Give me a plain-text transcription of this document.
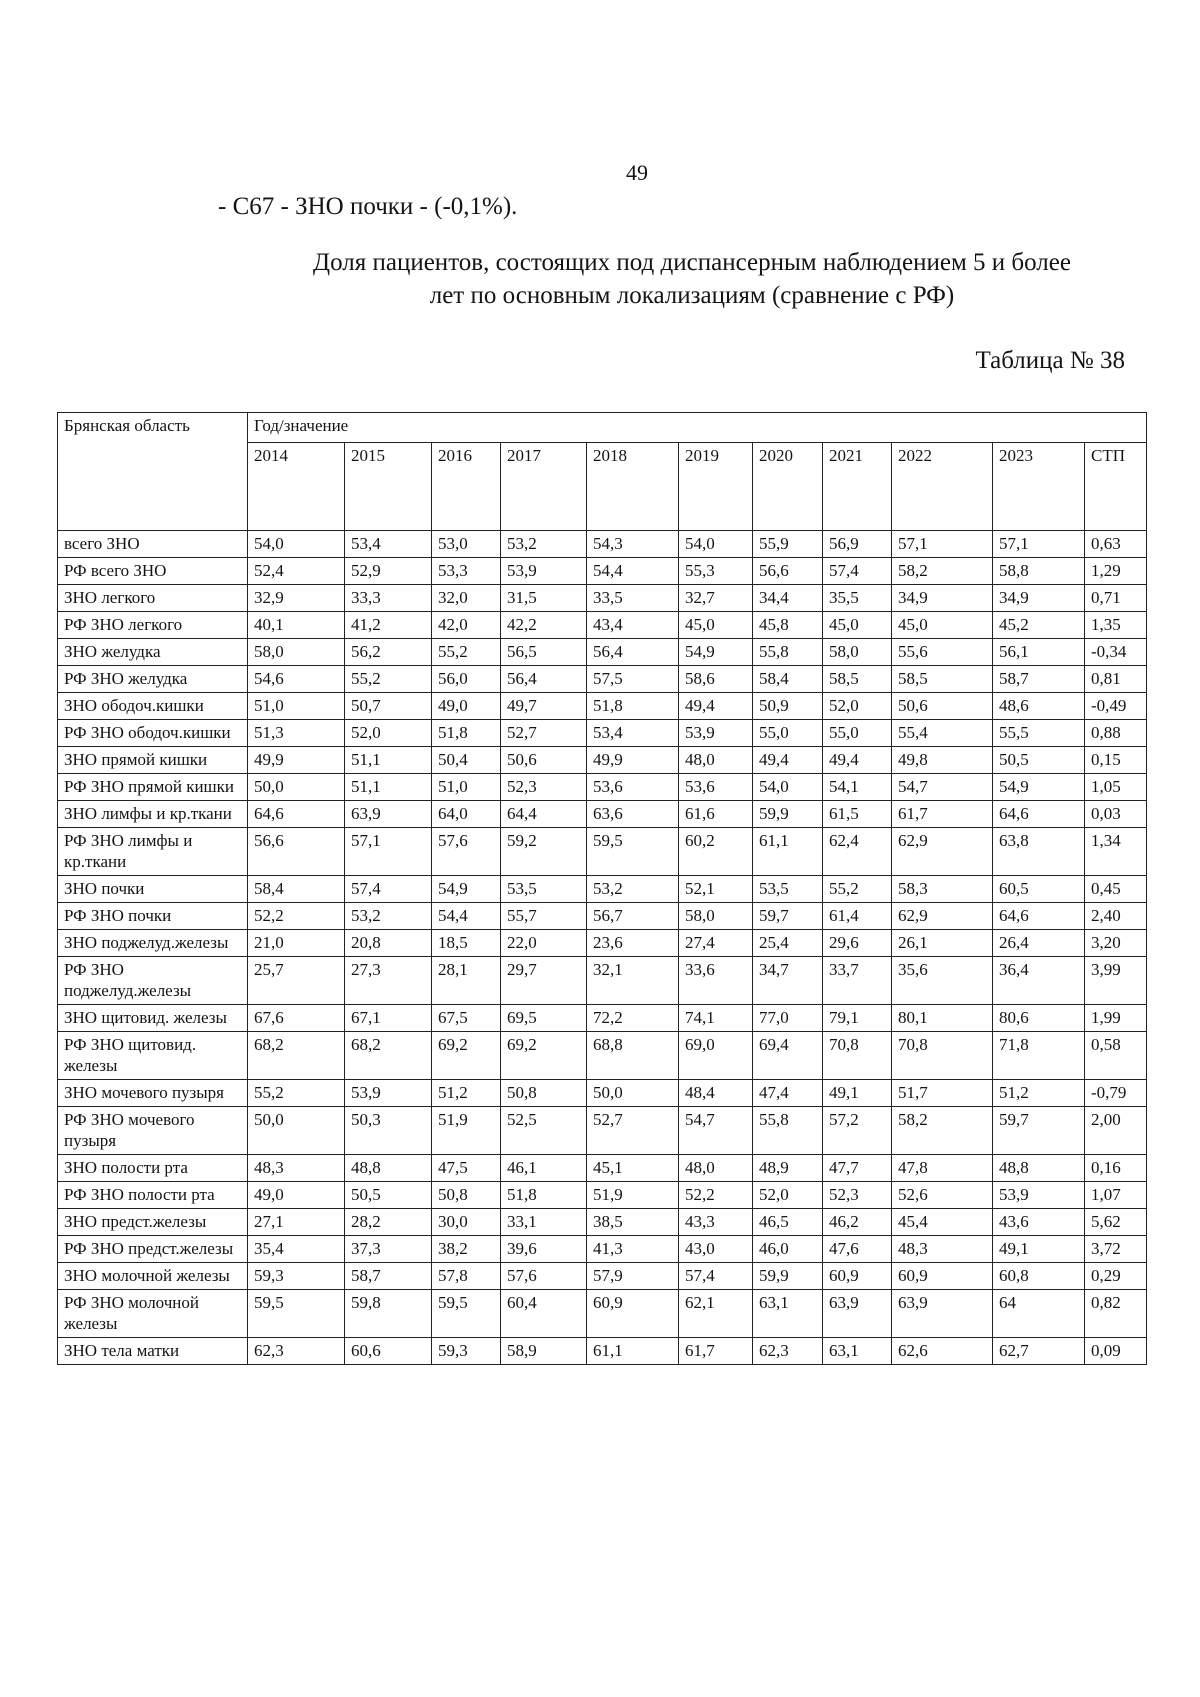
49
- С67 - ЗНО почки - (-0,1%).
Доля пациентов, состоящих под диспансерным наблюдением 5 и более
лет по основным локализациям (сравнение с РФ)
Таблица № 38
Брянская область	Год/значение										
	2014	2015	2016	2017	2018	2019	2020	2021	2022	2023	СТП
всего ЗНО	54,0	53,4	53,0	53,2	54,3	54,0	55,9	56,9	57,1	57,1	0,63
РФ всего ЗНО	52,4	52,9	53,3	53,9	54,4	55,3	56,6	57,4	58,2	58,8	1,29
ЗНО легкого	32,9	33,3	32,0	31,5	33,5	32,7	34,4	35,5	34,9	34,9	0,71
РФ ЗНО легкого	40,1	41,2	42,0	42,2	43,4	45,0	45,8	45,0	45,0	45,2	1,35
ЗНО желудка	58,0	56,2	55,2	56,5	56,4	54,9	55,8	58,0	55,6	56,1	-0,34
РФ ЗНО желудка	54,6	55,2	56,0	56,4	57,5	58,6	58,4	58,5	58,5	58,7	0,81
ЗНО ободоч.кишки	51,0	50,7	49,0	49,7	51,8	49,4	50,9	52,0	50,6	48,6	-0,49
РФ ЗНО ободоч.кишки	51,3	52,0	51,8	52,7	53,4	53,9	55,0	55,0	55,4	55,5	0,88
ЗНО прямой кишки	49,9	51,1	50,4	50,6	49,9	48,0	49,4	49,4	49,8	50,5	0,15
РФ ЗНО прямой кишки	50,0	51,1	51,0	52,3	53,6	53,6	54,0	54,1	54,7	54,9	1,05
ЗНО лимфы и кр.ткани	64,6	63,9	64,0	64,4	63,6	61,6	59,9	61,5	61,7	64,6	0,03
РФ ЗНО лимфы и кр.ткани	56,6	57,1	57,6	59,2	59,5	60,2	61,1	62,4	62,9	63,8	1,34
ЗНО почки	58,4	57,4	54,9	53,5	53,2	52,1	53,5	55,2	58,3	60,5	0,45
РФ ЗНО почки	52,2	53,2	54,4	55,7	56,7	58,0	59,7	61,4	62,9	64,6	2,40
ЗНО поджелуд.железы	21,0	20,8	18,5	22,0	23,6	27,4	25,4	29,6	26,1	26,4	3,20
РФ ЗНО поджелуд.железы	25,7	27,3	28,1	29,7	32,1	33,6	34,7	33,7	35,6	36,4	3,99
ЗНО щитовид. железы	67,6	67,1	67,5	69,5	72,2	74,1	77,0	79,1	80,1	80,6	1,99
РФ ЗНО щитовид. железы	68,2	68,2	69,2	69,2	68,8	69,0	69,4	70,8	70,8	71,8	0,58
ЗНО мочевого пузыря	55,2	53,9	51,2	50,8	50,0	48,4	47,4	49,1	51,7	51,2	-0,79
РФ ЗНО мочевого пузыря	50,0	50,3	51,9	52,5	52,7	54,7	55,8	57,2	58,2	59,7	2,00
ЗНО полости рта	48,3	48,8	47,5	46,1	45,1	48,0	48,9	47,7	47,8	48,8	0,16
РФ ЗНО полости рта	49,0	50,5	50,8	51,8	51,9	52,2	52,0	52,3	52,6	53,9	1,07
ЗНО предст.железы	27,1	28,2	30,0	33,1	38,5	43,3	46,5	46,2	45,4	43,6	5,62
РФ ЗНО предст.железы	35,4	37,3	38,2	39,6	41,3	43,0	46,0	47,6	48,3	49,1	3,72
ЗНО молочной железы	59,3	58,7	57,8	57,6	57,9	57,4	59,9	60,9	60,9	60,8	0,29
РФ ЗНО молочной железы	59,5	59,8	59,5	60,4	60,9	62,1	63,1	63,9	63,9	64	0,82
ЗНО тела матки	62,3	60,6	59,3	58,9	61,1	61,7	62,3	63,1	62,6	62,7	0,09
